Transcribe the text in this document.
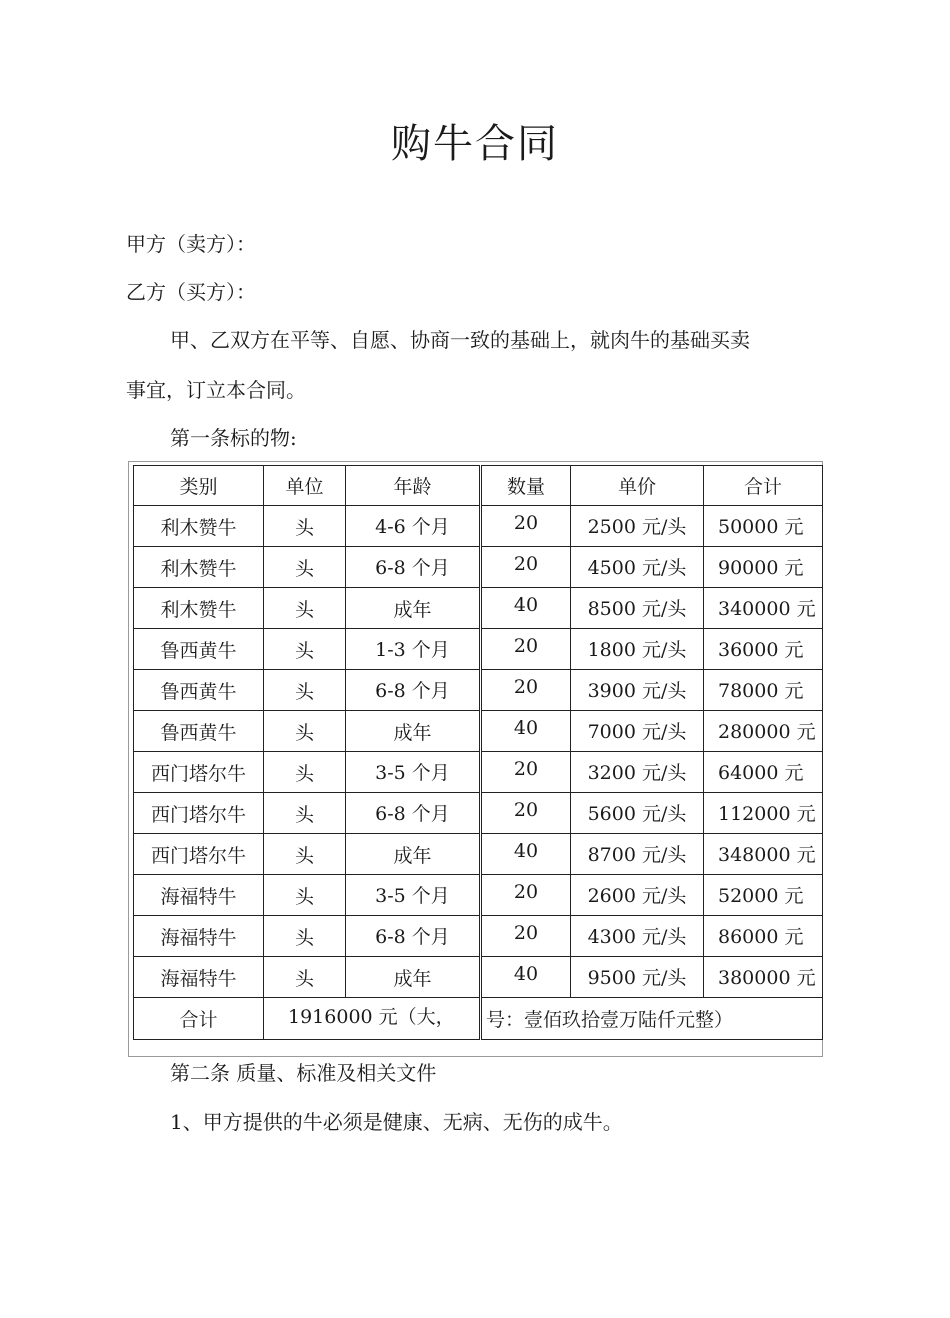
购牛合同
甲方（卖方）：
乙方（买方）：
甲、乙双方在平等、自愿、协商一致的基础上，就肉牛的基础买卖
事宜，订立本合同。
第一条标的物:
类别	单位	年龄	数量	单价	合计
利木赞牛	头	4-6 个月	20	2500 元/头	50000 元
利木赞牛	头	6-8 个月	20	4500 元/头	90000 元
利木赞牛	头	成年	40	8500 元/头	340000 元
鲁西黄牛	头	1-3 个月	20	1800 元/头	36000 元
鲁西黄牛	头	6-8 个月	20	3900 元/头	78000 元
鲁西黄牛	头	成年	40	7000 元/头	280000 元
西门塔尔牛	头	3-5 个月	20	3200 元/头	64000 元
西门塔尔牛	头	6-8 个月	20	5600 元/头	112000 元
西门塔尔牛	头	成年	40	8700 元/头	348000 元
海福特牛	头	3-5 个月	20	2600 元/头	52000 元
海福特牛	头	6-8 个月	20	4300 元/头	86000 元
海福特牛	头	成年	40	9500 元/头	380000 元
合计	1916000 元（大，		号：壹佰玖拾壹万陆仟元整）		
第二条 质量、标准及相关文件
1、甲方提供的牛必须是健康、无病、无伤的成牛。
